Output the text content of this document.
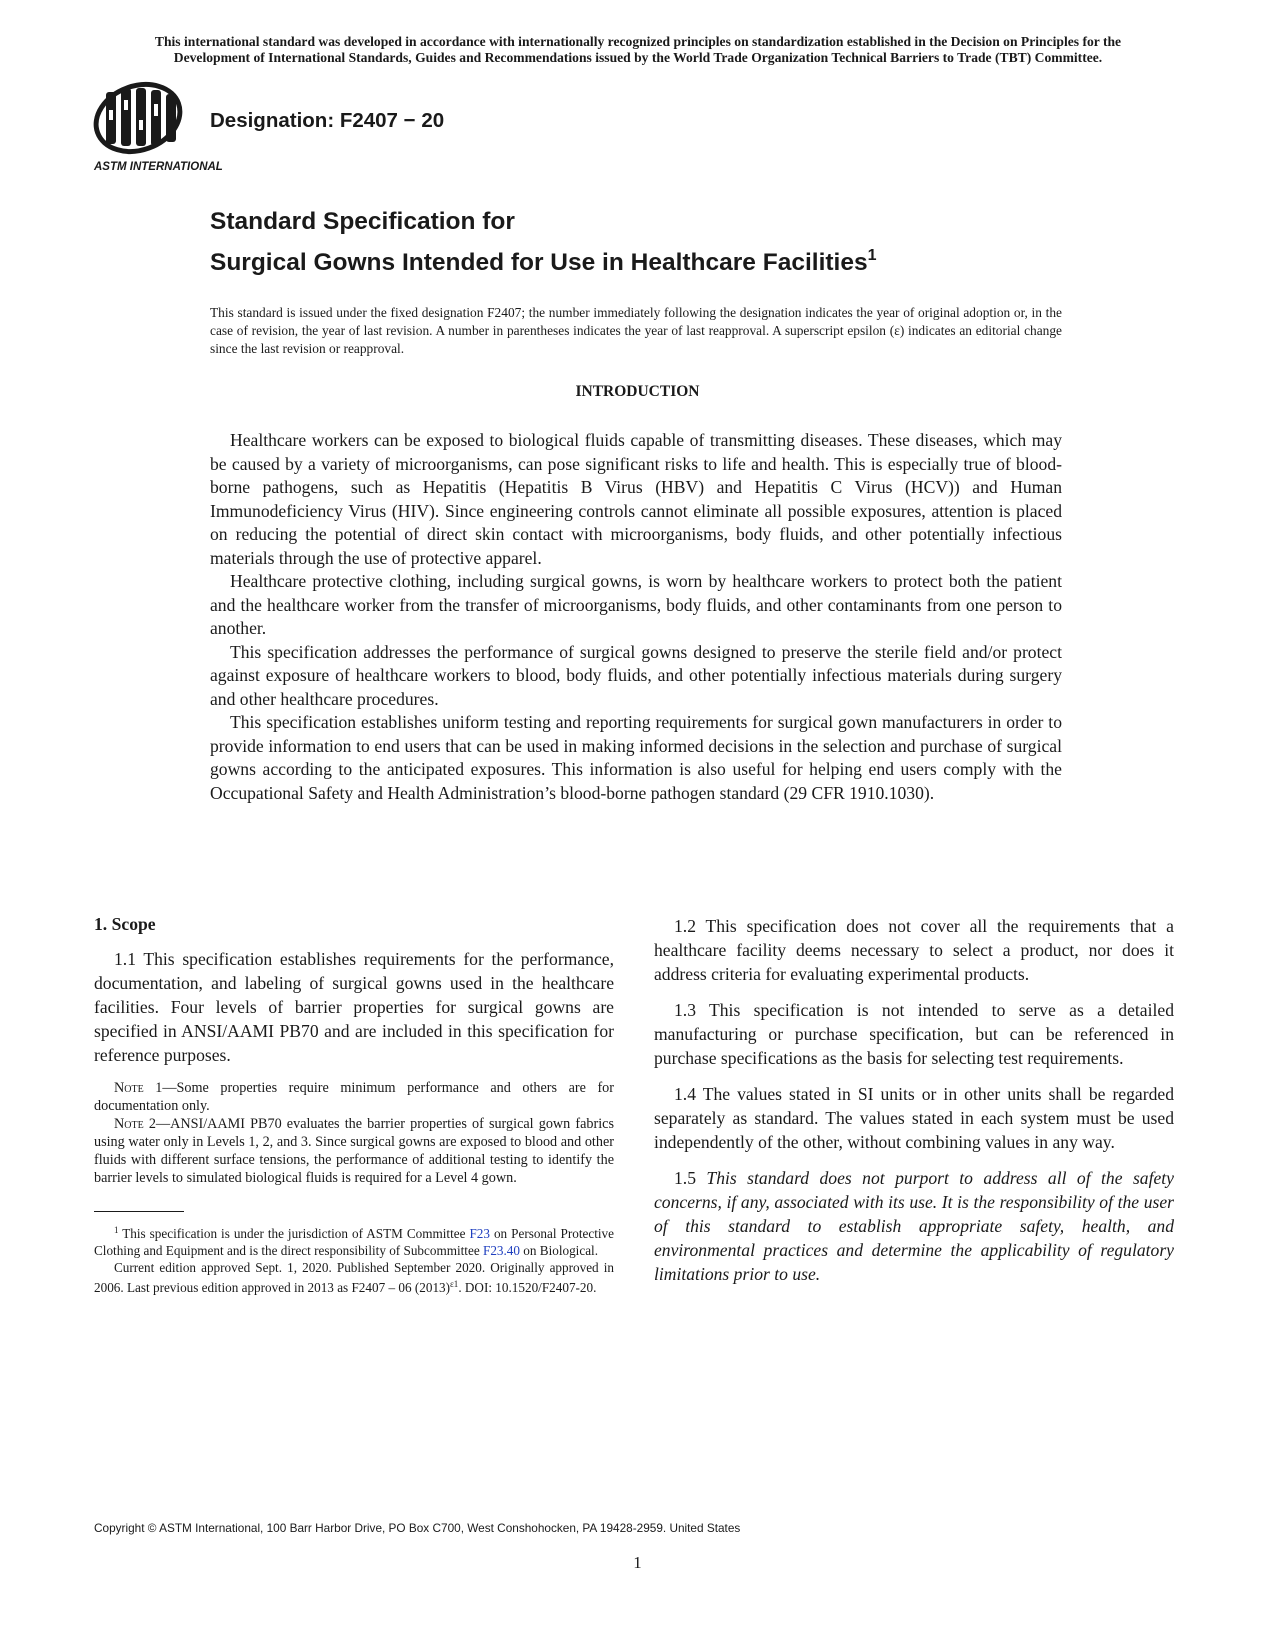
This international standard was developed in accordance with internationally recognized principles on standardization established in the Decision on Principles for the
Development of International Standards, Guides and Recommendations issued by the World Trade Organization Technical Barriers to Trade (TBT) Committee.
ASTM INTERNATIONAL
Designation: F2407 − 20
Standard Specification for
Surgical Gowns Intended for Use in Healthcare Facilities$^1$
This standard is issued under the fixed designation F2407; the number immediately following the designation indicates the year of original adoption or, in the case of revision, the year of last revision. A number in parentheses indicates the year of last reapproval. A superscript epsilon (ε) indicates an editorial change since the last revision or reapproval.
INTRODUCTION

Healthcare workers can be exposed to biological fluids capable of transmitting diseases. These diseases, which may be caused by a variety of microorganisms, can pose significant risks to life and health. This is especially true of blood-borne pathogens, such as Hepatitis (Hepatitis B Virus (HBV) and Hepatitis C Virus (HCV)) and Human Immunodeficiency Virus (HIV). Since engineering controls cannot eliminate all possible exposures, attention is placed on reducing the potential of direct skin contact with microorganisms, body fluids, and other potentially infectious materials through the use of protective apparel.

Healthcare protective clothing, including surgical gowns, is worn by healthcare workers to protect both the patient and the healthcare worker from the transfer of microorganisms, body fluids, and other contaminants from one person to another.

This specification addresses the performance of surgical gowns designed to preserve the sterile field and/or protect against exposure of healthcare workers to blood, body fluids, and other potentially infectious materials during surgery and other healthcare procedures.

This specification establishes uniform testing and reporting requirements for surgical gown manufacturers in order to provide information to end users that can be used in making informed decisions in the selection and purchase of surgical gowns according to the anticipated exposures. This information is also useful for helping end users comply with the Occupational Safety and Health Administration’s blood-borne pathogen standard (29 CFR 1910.1030).

1. Scope

1.1 This specification establishes requirements for the performance, documentation, and labeling of surgical gowns used in the healthcare facilities. Four levels of barrier properties for surgical gowns are specified in ANSI/AAMI PB70 and are included in this specification for reference purposes.

Note 1—Some properties require minimum performance and others are for documentation only.

Note 2—ANSI/AAMI PB70 evaluates the barrier properties of surgical gown fabrics using water only in Levels 1, 2, and 3. Since surgical gowns are exposed to blood and other fluids with different surface tensions, the performance of additional testing to identify the barrier levels to simulated biological fluids is required for a Level 4 gown.

$^1$ This specification is under the jurisdiction of ASTM Committee F23 on Personal Protective Clothing and Equipment and is the direct responsibility of Subcommittee F23.40 on Biological.

Current edition approved Sept. 1, 2020. Published September 2020. Originally approved in 2006. Last previous edition approved in 2013 as F2407 – 06 $(2013)^{\varepsilon 1}$. DOI: 10.1520/F2407-20.

1.2 This specification does not cover all the requirements that a healthcare facility deems necessary to select a product, nor does it address criteria for evaluating experimental products.

1.3 This specification is not intended to serve as a detailed manufacturing or purchase specification, but can be referenced in purchase specifications as the basis for selecting test requirements.

1.4 The values stated in SI units or in other units shall be regarded separately as standard. The values stated in each system must be used independently of the other, without combining values in any way.

1.5 This standard does not purport to address all of the safety concerns, if any, associated with its use. It is the responsibility of the user of this standard to establish appropriate safety, health, and environmental practices and determine the applicability of regulatory limitations prior to use.

Copyright © ASTM International, 100 Barr Harbor Drive, PO Box C700, West Conshohocken, PA 19428-2959. United States
1
